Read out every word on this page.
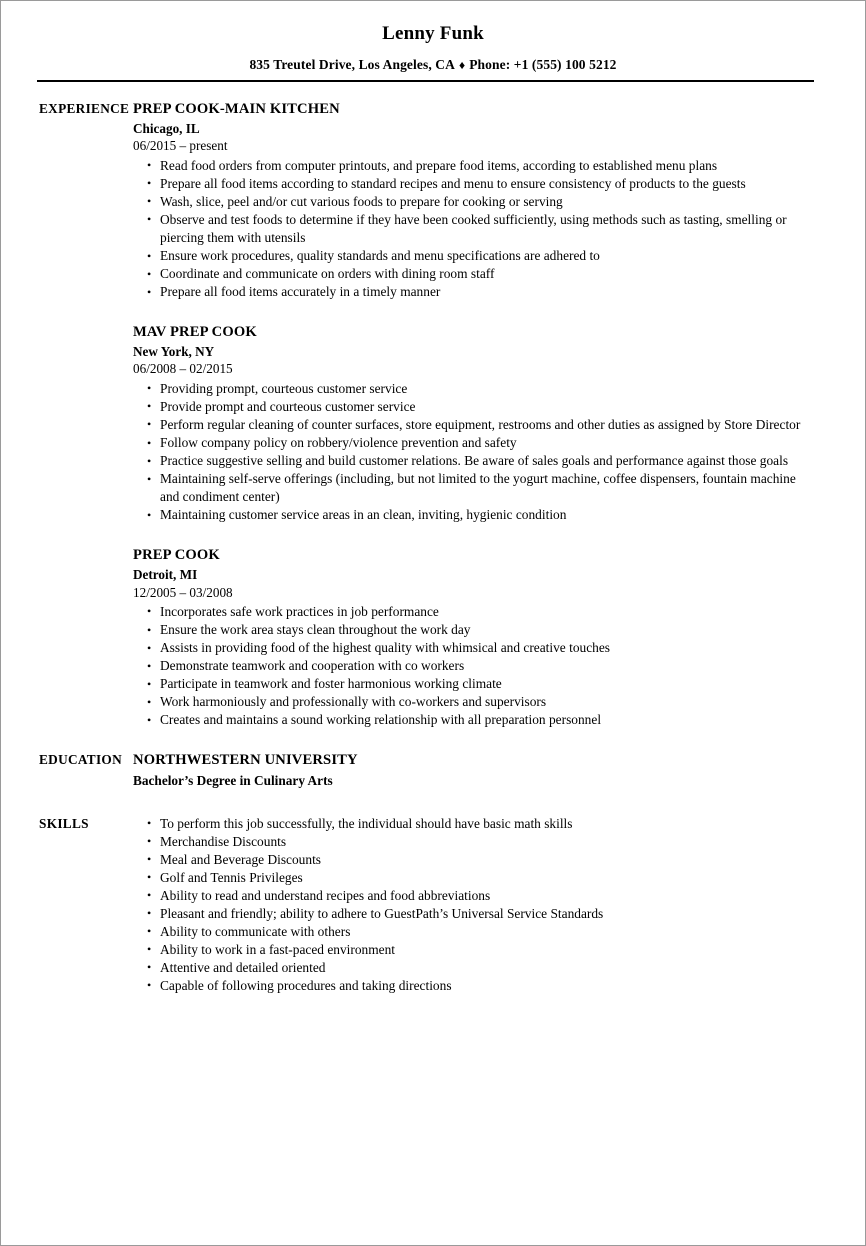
Lenny Funk
835 Treutel Drive, Los Angeles, CA ♦ Phone: +1 (555) 100 5212
EXPERIENCE PREP COOK-MAIN KITCHEN
Chicago, IL
06/2015 – present
• Read food orders from computer printouts, and prepare food items, according to established menu plans
• Prepare all food items according to standard recipes and menu to ensure consistency of products to the guests
• Wash, slice, peel and/or cut various foods to prepare for cooking or serving
• Observe and test foods to determine if they have been cooked sufficiently, using methods such as tasting, smelling or piercing them with utensils
• Ensure work procedures, quality standards and menu specifications are adhered to
• Coordinate and communicate on orders with dining room staff
• Prepare all food items accurately in a timely manner
MAV PREP COOK
New York, NY
06/2008 – 02/2015
• Providing prompt, courteous customer service
• Provide prompt and courteous customer service
• Perform regular cleaning of counter surfaces, store equipment, restrooms and other duties as assigned by Store Director
• Follow company policy on robbery/violence prevention and safety
• Practice suggestive selling and build customer relations. Be aware of sales goals and performance against those goals
• Maintaining self-serve offerings (including, but not limited to the yogurt machine, coffee dispensers, fountain machine and condiment center)
• Maintaining customer service areas in an clean, inviting, hygienic condition
PREP COOK
Detroit, MI
12/2005 – 03/2008
• Incorporates safe work practices in job performance
• Ensure the work area stays clean throughout the work day
• Assists in providing food of the highest quality with whimsical and creative touches
• Demonstrate teamwork and cooperation with co workers
• Participate in teamwork and foster harmonious working climate
• Work harmoniously and professionally with co-workers and supervisors
• Creates and maintains a sound working relationship with all preparation personnel
EDUCATION NORTHWESTERN UNIVERSITY
Bachelor’s Degree in Culinary Arts
SKILLS	• To perform this job successfully, the individual should have basic math skills
• Merchandise Discounts
• Meal and Beverage Discounts
• Golf and Tennis Privileges
• Ability to read and understand recipes and food abbreviations
• Pleasant and friendly; ability to adhere to GuestPath’s Universal Service Standards
• Ability to communicate with others
• Ability to work in a fast-paced environment
• Attentive and detailed oriented
• Capable of following procedures and taking directions
